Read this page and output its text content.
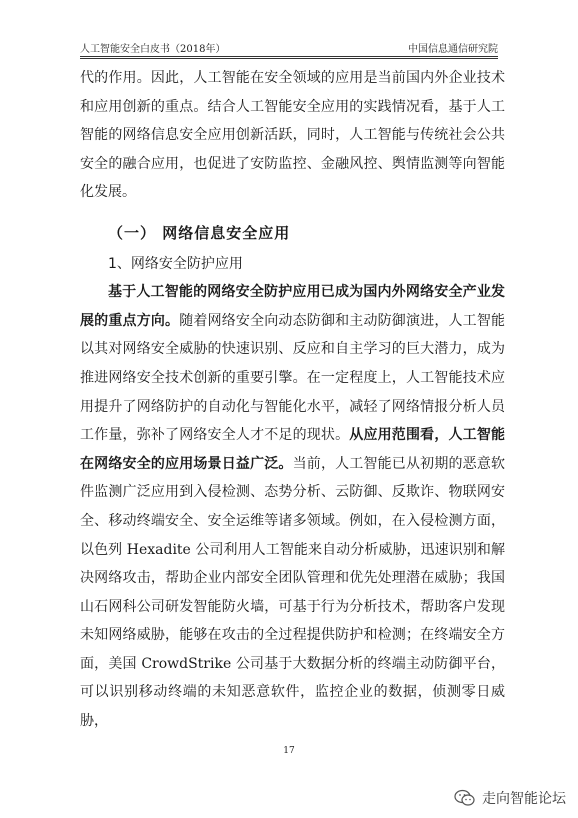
人工智能安全白皮书（2018年）	中国信息通信研究院

代的作用。因此，人工智能在安全领域的应用是当前国内外企业技术和应用创新的重点。结合人工智能安全应用的实践情况看，基于人工智能的网络信息安全应用创新活跃，同时，人工智能与传统社会公共安全的融合应用，也促进了安防监控、金融风控、舆情监测等向智能化发展。

（一） 网络信息安全应用

1、网络安全防护应用

基于人工智能的网络安全防护应用已成为国内外网络安全产业发展的重点方向。随着网络安全向动态防御和主动防御演进，人工智能以其对网络安全威胁的快速识别、反应和自主学习的巨大潜力，成为推进网络安全技术创新的重要引擎。在一定程度上，人工智能技术应用提升了网络防护的自动化与智能化水平，减轻了网络情报分析人员工作量，弥补了网络安全人才不足的现状。从应用范围看，人工智能在网络安全的应用场景日益广泛。当前，人工智能已从初期的恶意软件监测广泛应用到入侵检测、态势分析、云防御、反欺诈、物联网安全、移动终端安全、安全运维等诸多领域。例如，在入侵检测方面，以色列 Hexadite 公司利用人工智能来自动分析威胁，迅速识别和解决网络攻击，帮助企业内部安全团队管理和优先处理潜在威胁；我国山石网科公司研发智能防火墙，可基于行为分析技术，帮助客户发现未知网络威胁，能够在攻击的全过程提供防护和检测；在终端安全方面，美国 CrowdStrike 公司基于大数据分析的终端主动防御平台，可以识别移动终端的未知恶意软件，监控企业的数据，侦测零日威胁，

17
走向智能论坛
